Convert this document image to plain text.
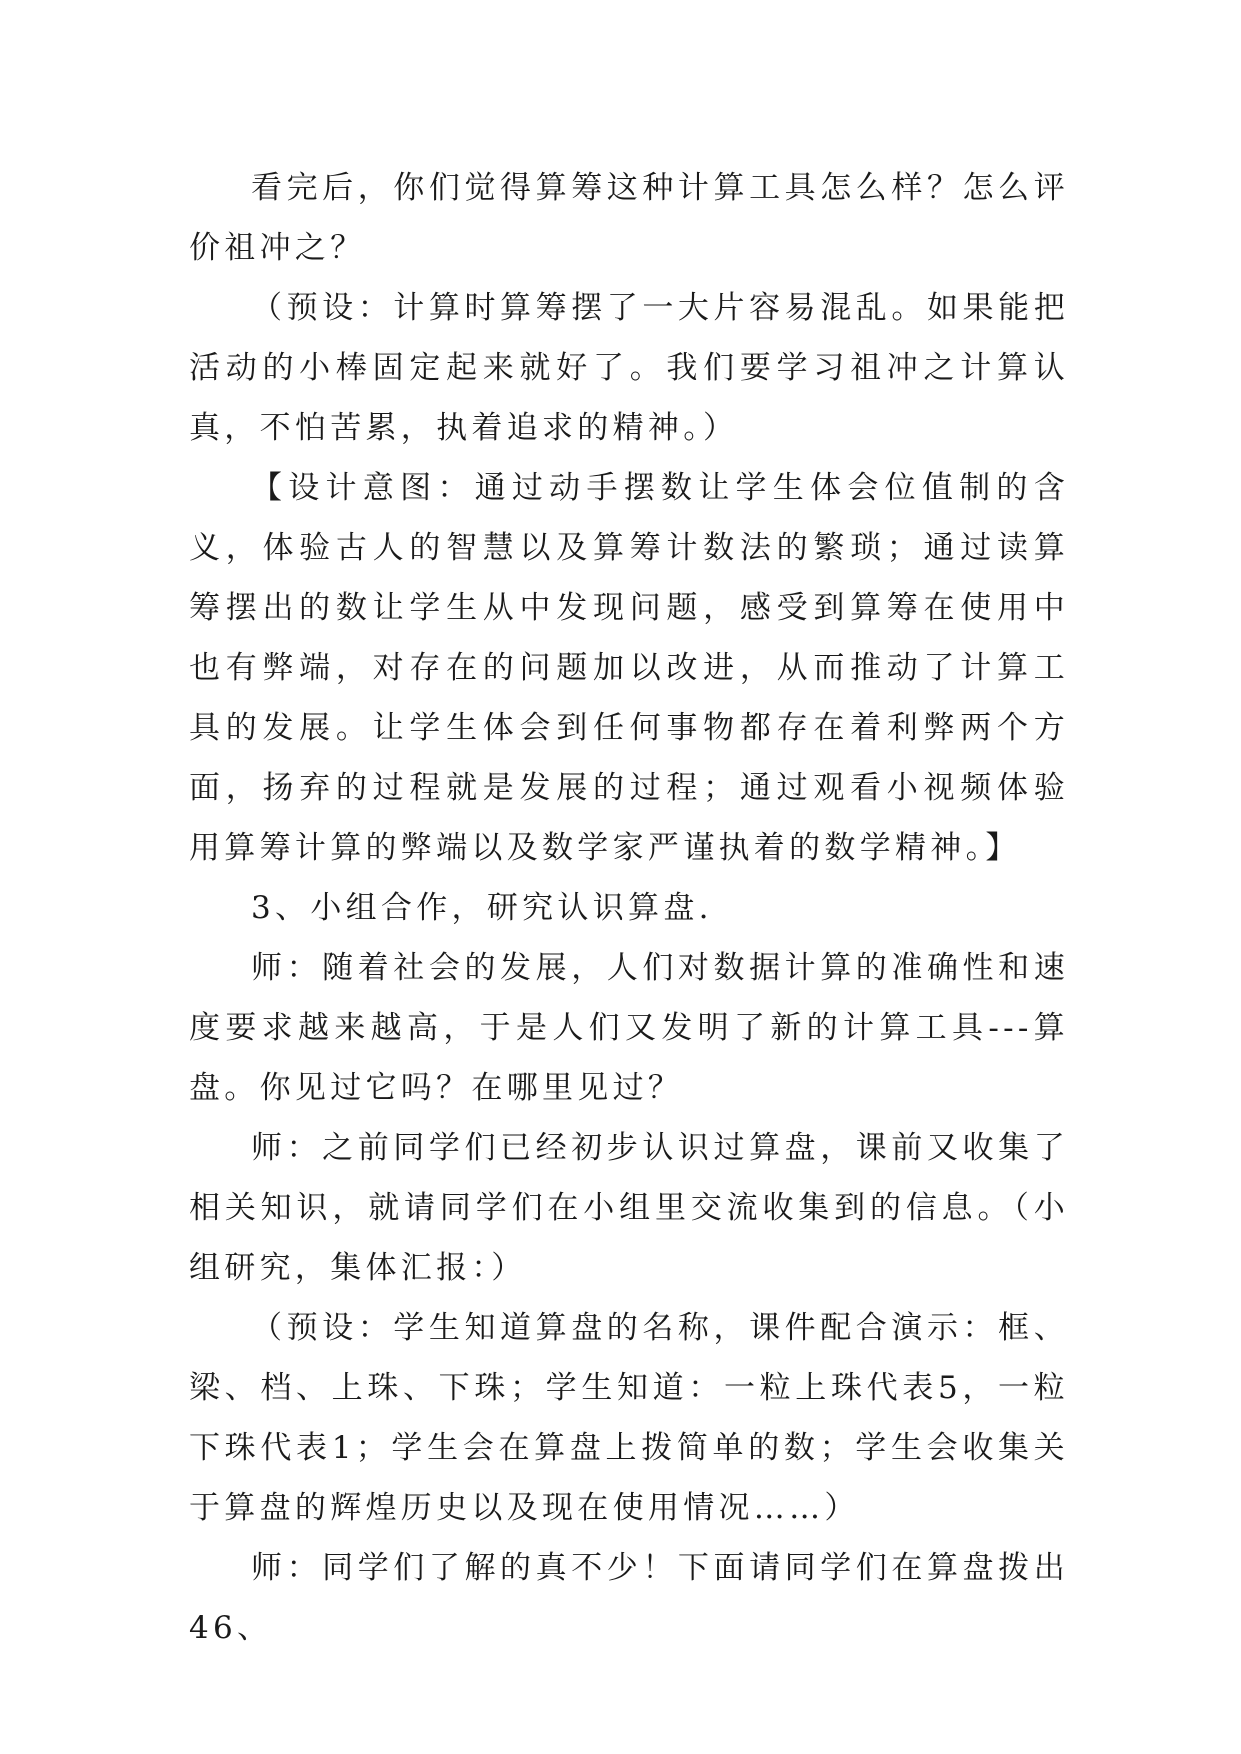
看完后，你们觉得算筹这种计算工具怎么样？怎么评价祖冲之？

（预设：计算时算筹摆了一大片容易混乱。如果能把活动的小棒固定起来就好了。我们要学习祖冲之计算认真，不怕苦累，执着追求的精神。）

【设计意图：通过动手摆数让学生体会位值制的含义，体验古人的智慧以及算筹计数法的繁琐；通过读算筹摆出的数让学生从中发现问题，感受到算筹在使用中也有弊端，对存在的问题加以改进，从而推动了计算工具的发展。让学生体会到任何事物都存在着利弊两个方面，扬弃的过程就是发展的过程；通过观看小视频体验用算筹计算的弊端以及数学家严谨执着的数学精神。】

3、小组合作，研究认识算盘.

师：随着社会的发展，人们对数据计算的准确性和速度要求越来越高，于是人们又发明了新的计算工具---算盘。你见过它吗？在哪里见过？

师：之前同学们已经初步认识过算盘，课前又收集了相关知识，就请同学们在小组里交流收集到的信息。（小组研究，集体汇报：）

（预设：学生知道算盘的名称，课件配合演示：框、梁、档、上珠、下珠；学生知道：一粒上珠代表5，一粒下珠代表1；学生会在算盘上拨简单的数；学生会收集关于算盘的辉煌历史以及现在使用情况……）

师：同学们了解的真不少！下面请同学们在算盘拨出46、
